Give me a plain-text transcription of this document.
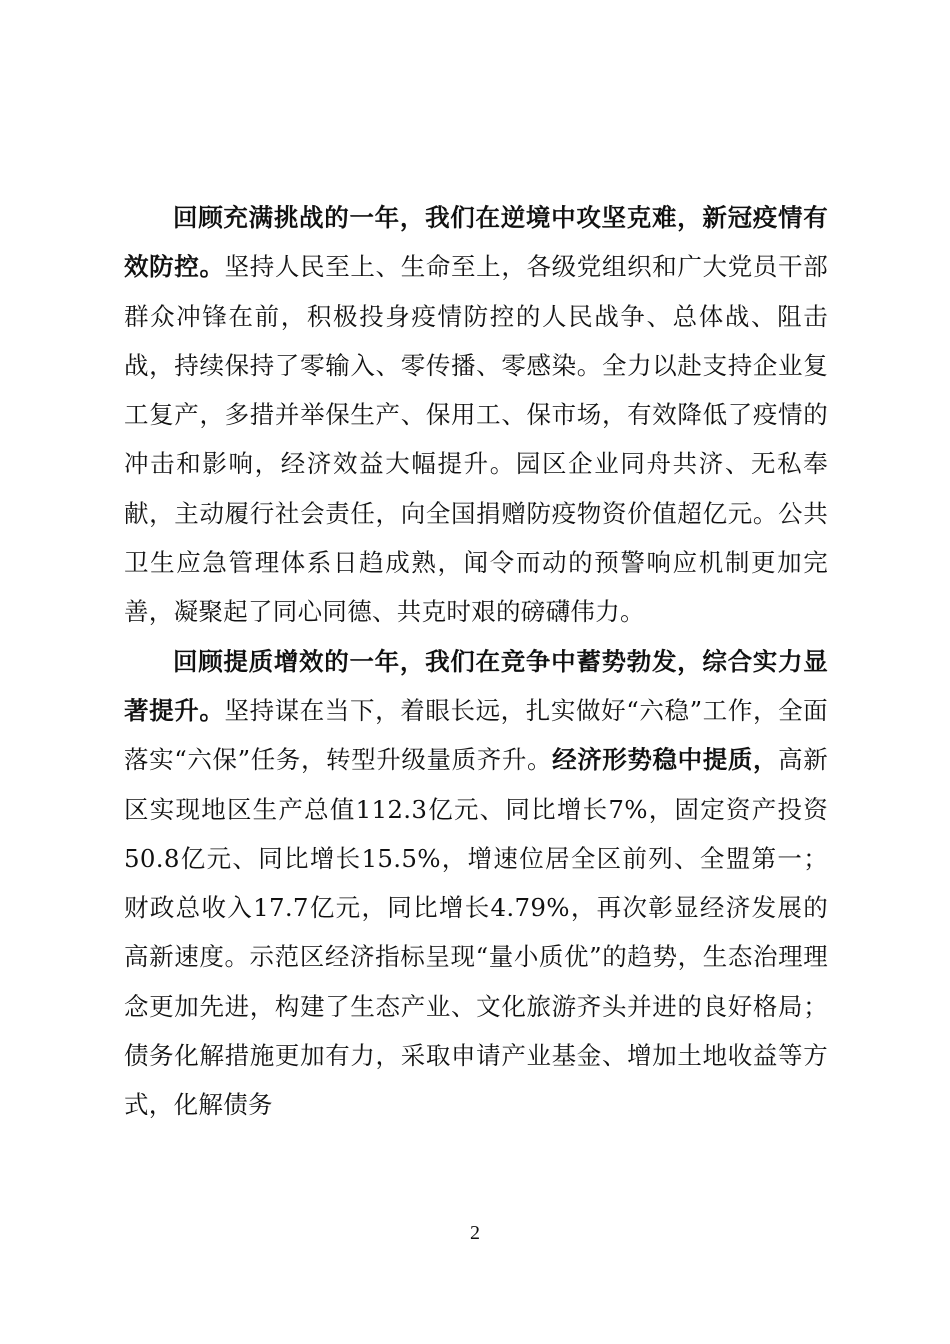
回顾充满挑战的一年，我们在逆境中攻坚克难，新冠疫情有效防控。坚持人民至上、生命至上，各级党组织和广大党员干部群众冲锋在前，积极投身疫情防控的人民战争、总体战、阻击战，持续保持了零输入、零传播、零感染。全力以赴支持企业复工复产，多措并举保生产、保用工、保市场，有效降低了疫情的冲击和影响，经济效益大幅提升。园区企业同舟共济、无私奉献，主动履行社会责任，向全国捐赠防疫物资价值超亿元。公共卫生应急管理体系日趋成熟，闻令而动的预警响应机制更加完善，凝聚起了同心同德、共克时艰的磅礴伟力。

回顾提质增效的一年，我们在竞争中蓄势勃发，综合实力显著提升。坚持谋在当下，着眼长远，扎实做好“六稳”工作，全面落实“六保”任务，转型升级量质齐升。经济形势稳中提质，高新区实现地区生产总值112.3亿元、同比增长7%，固定资产投资50.8亿元、同比增长15.5%，增速位居全区前列、全盟第一；财政总收入17.7亿元，同比增长4.79%，再次彰显经济发展的高新速度。示范区经济指标呈现“量小质优”的趋势，生态治理理念更加先进，构建了生态产业、文化旅游齐头并进的良好格局；债务化解措施更加有力，采取申请产业基金、增加土地收益等方式，化解债务

2
